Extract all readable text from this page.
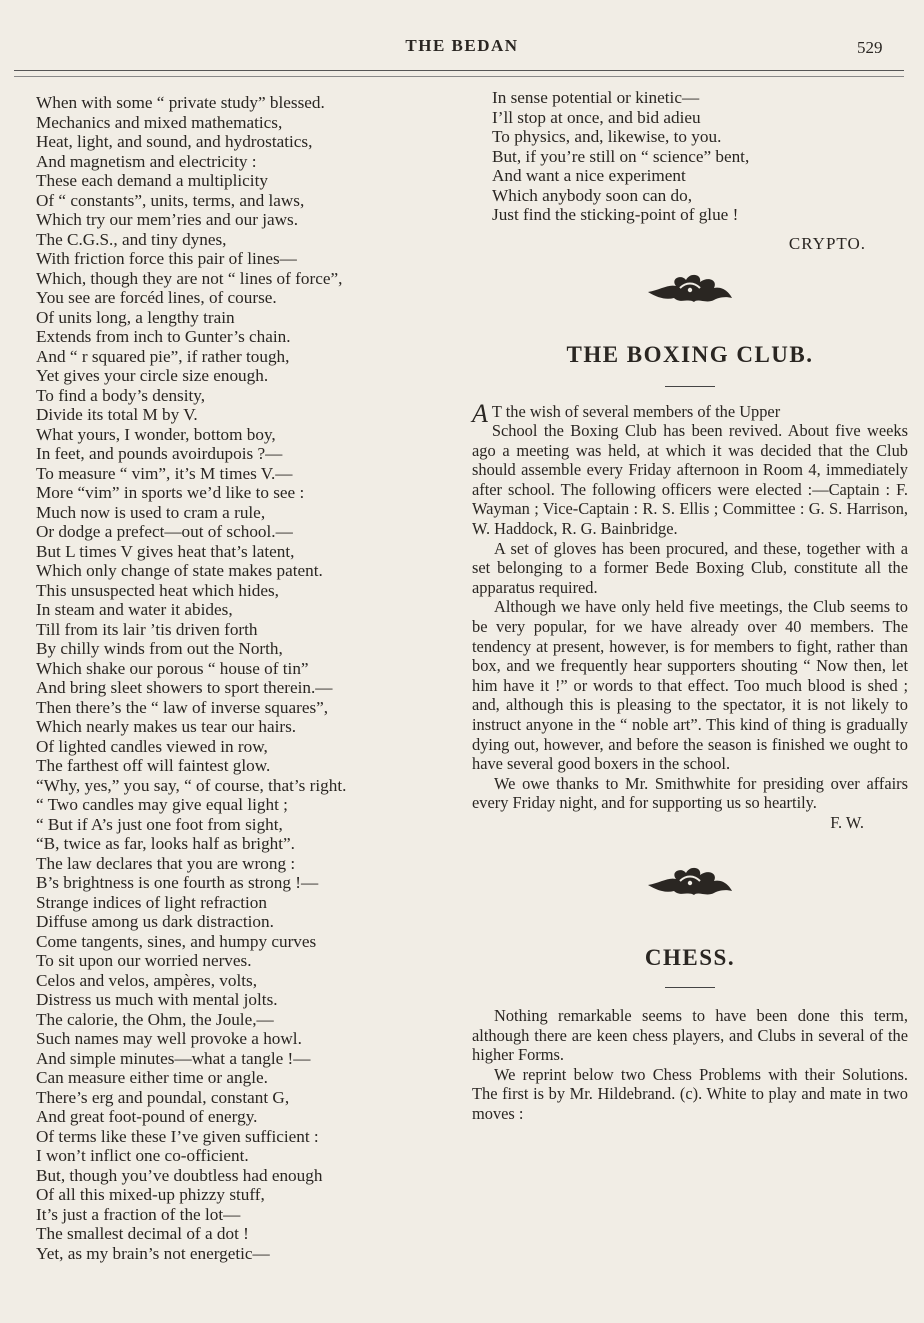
THE BEDAN	529
When with some “ private study” blessed.
Mechanics and mixed mathematics,
Heat, light, and sound, and hydrostatics,
And magnetism and electricity :
These each demand a multiplicity
Of “ constants”, units, terms, and laws,
Which try our mem’ries and our jaws.
The C.G.S., and tiny dynes,
With friction force this pair of lines—
Which, though they are not “ lines of force”,
You see are forcéd lines, of course.
Of units long, a lengthy train
Extends from inch to Gunter’s chain.
And “ r squared pie”, if rather tough,
Yet gives your circle size enough.
To find a body’s density,
Divide its total M by V.
What yours, I wonder, bottom boy,
In feet, and pounds avoirdupois ?—
To measure “ vim”, it’s M times V.—
More “vim” in sports we’d like to see :
Much now is used to cram a rule,
Or dodge a prefect—out of school.—
But L times V gives heat that’s latent,
Which only change of state makes patent.
This unsuspected heat which hides,
In steam and water it abides,
Till from its lair ’tis driven forth
By chilly winds from out the North,
Which shake our porous “ house of tin”
And bring sleet showers to sport therein.—
Then there’s the “ law of inverse squares”,
Which nearly makes us tear our hairs.
Of lighted candles viewed in row,
The farthest off will faintest glow.
“Why, yes,” you say, “ of course, that’s right.
“ Two candles may give equal light ;
“ But if A’s just one foot from sight,
“B, twice as far, looks half as bright”.
The law declares that you are wrong :
B’s brightness is one fourth as strong !—
Strange indices of light refraction
Diffuse among us dark distraction.
Come tangents, sines, and humpy curves
To sit upon our worried nerves.
Celos and velos, ampères, volts,
Distress us much with mental jolts.
The calorie, the Ohm, the Joule,—
Such names may well provoke a howl.
And simple minutes—what a tangle !—
Can measure either time or angle.
There’s erg and poundal, constant G,
And great foot-pound of energy.
Of terms like these I’ve given sufficient :
I won’t inflict one co-officient.
But, though you’ve doubtless had enough
Of all this mixed-up phizzy stuff,
It’s just a fraction of the lot—
The smallest decimal of a dot !
Yet, as my brain’s not energetic—
In sense potential or kinetic—
I’ll stop at once, and bid adieu
To physics, and, likewise, to you.
But, if you’re still on “ science” bent,
And want a nice experiment
Which anybody soon can do,
Just find the sticking-point of glue !
CRYPTO.
THE BOXING CLUB.
A T the wish of several members of the Upper
School the Boxing Club has been revived. About five weeks ago a meeting was held, at which it was decided that the Club should assemble every Friday afternoon in Room 4, immediately after school. The following officers were elected :—Captain : F. Wayman ; Vice-Captain : R. S. Ellis ; Committee : G. S. Harrison, W. Haddock, R. G. Bainbridge.

A set of gloves has been procured, and these, together with a set belonging to a former Bede Boxing Club, constitute all the apparatus required.

Although we have only held five meetings, the Club seems to be very popular, for we have already over 40 members. The tendency at present, however, is for members to fight, rather than box, and we frequently hear supporters shouting “ Now then, let him have it !” or words to that effect. Too much blood is shed ; and, although this is pleasing to the spectator, it is not likely to instruct anyone in the “ noble art”. This kind of thing is gradually dying out, however, and before the season is finished we ought to have several good boxers in the school.

We owe thanks to Mr. Smithwhite for presiding over affairs every Friday night, and for supporting us so heartily.
F. W.

CHESS.

Nothing remarkable seems to have been done this term, although there are keen chess players, and Clubs in several of the higher Forms.

We reprint below two Chess Problems with their Solutions. The first is by Mr. Hildebrand. (c). White to play and mate in two moves :
